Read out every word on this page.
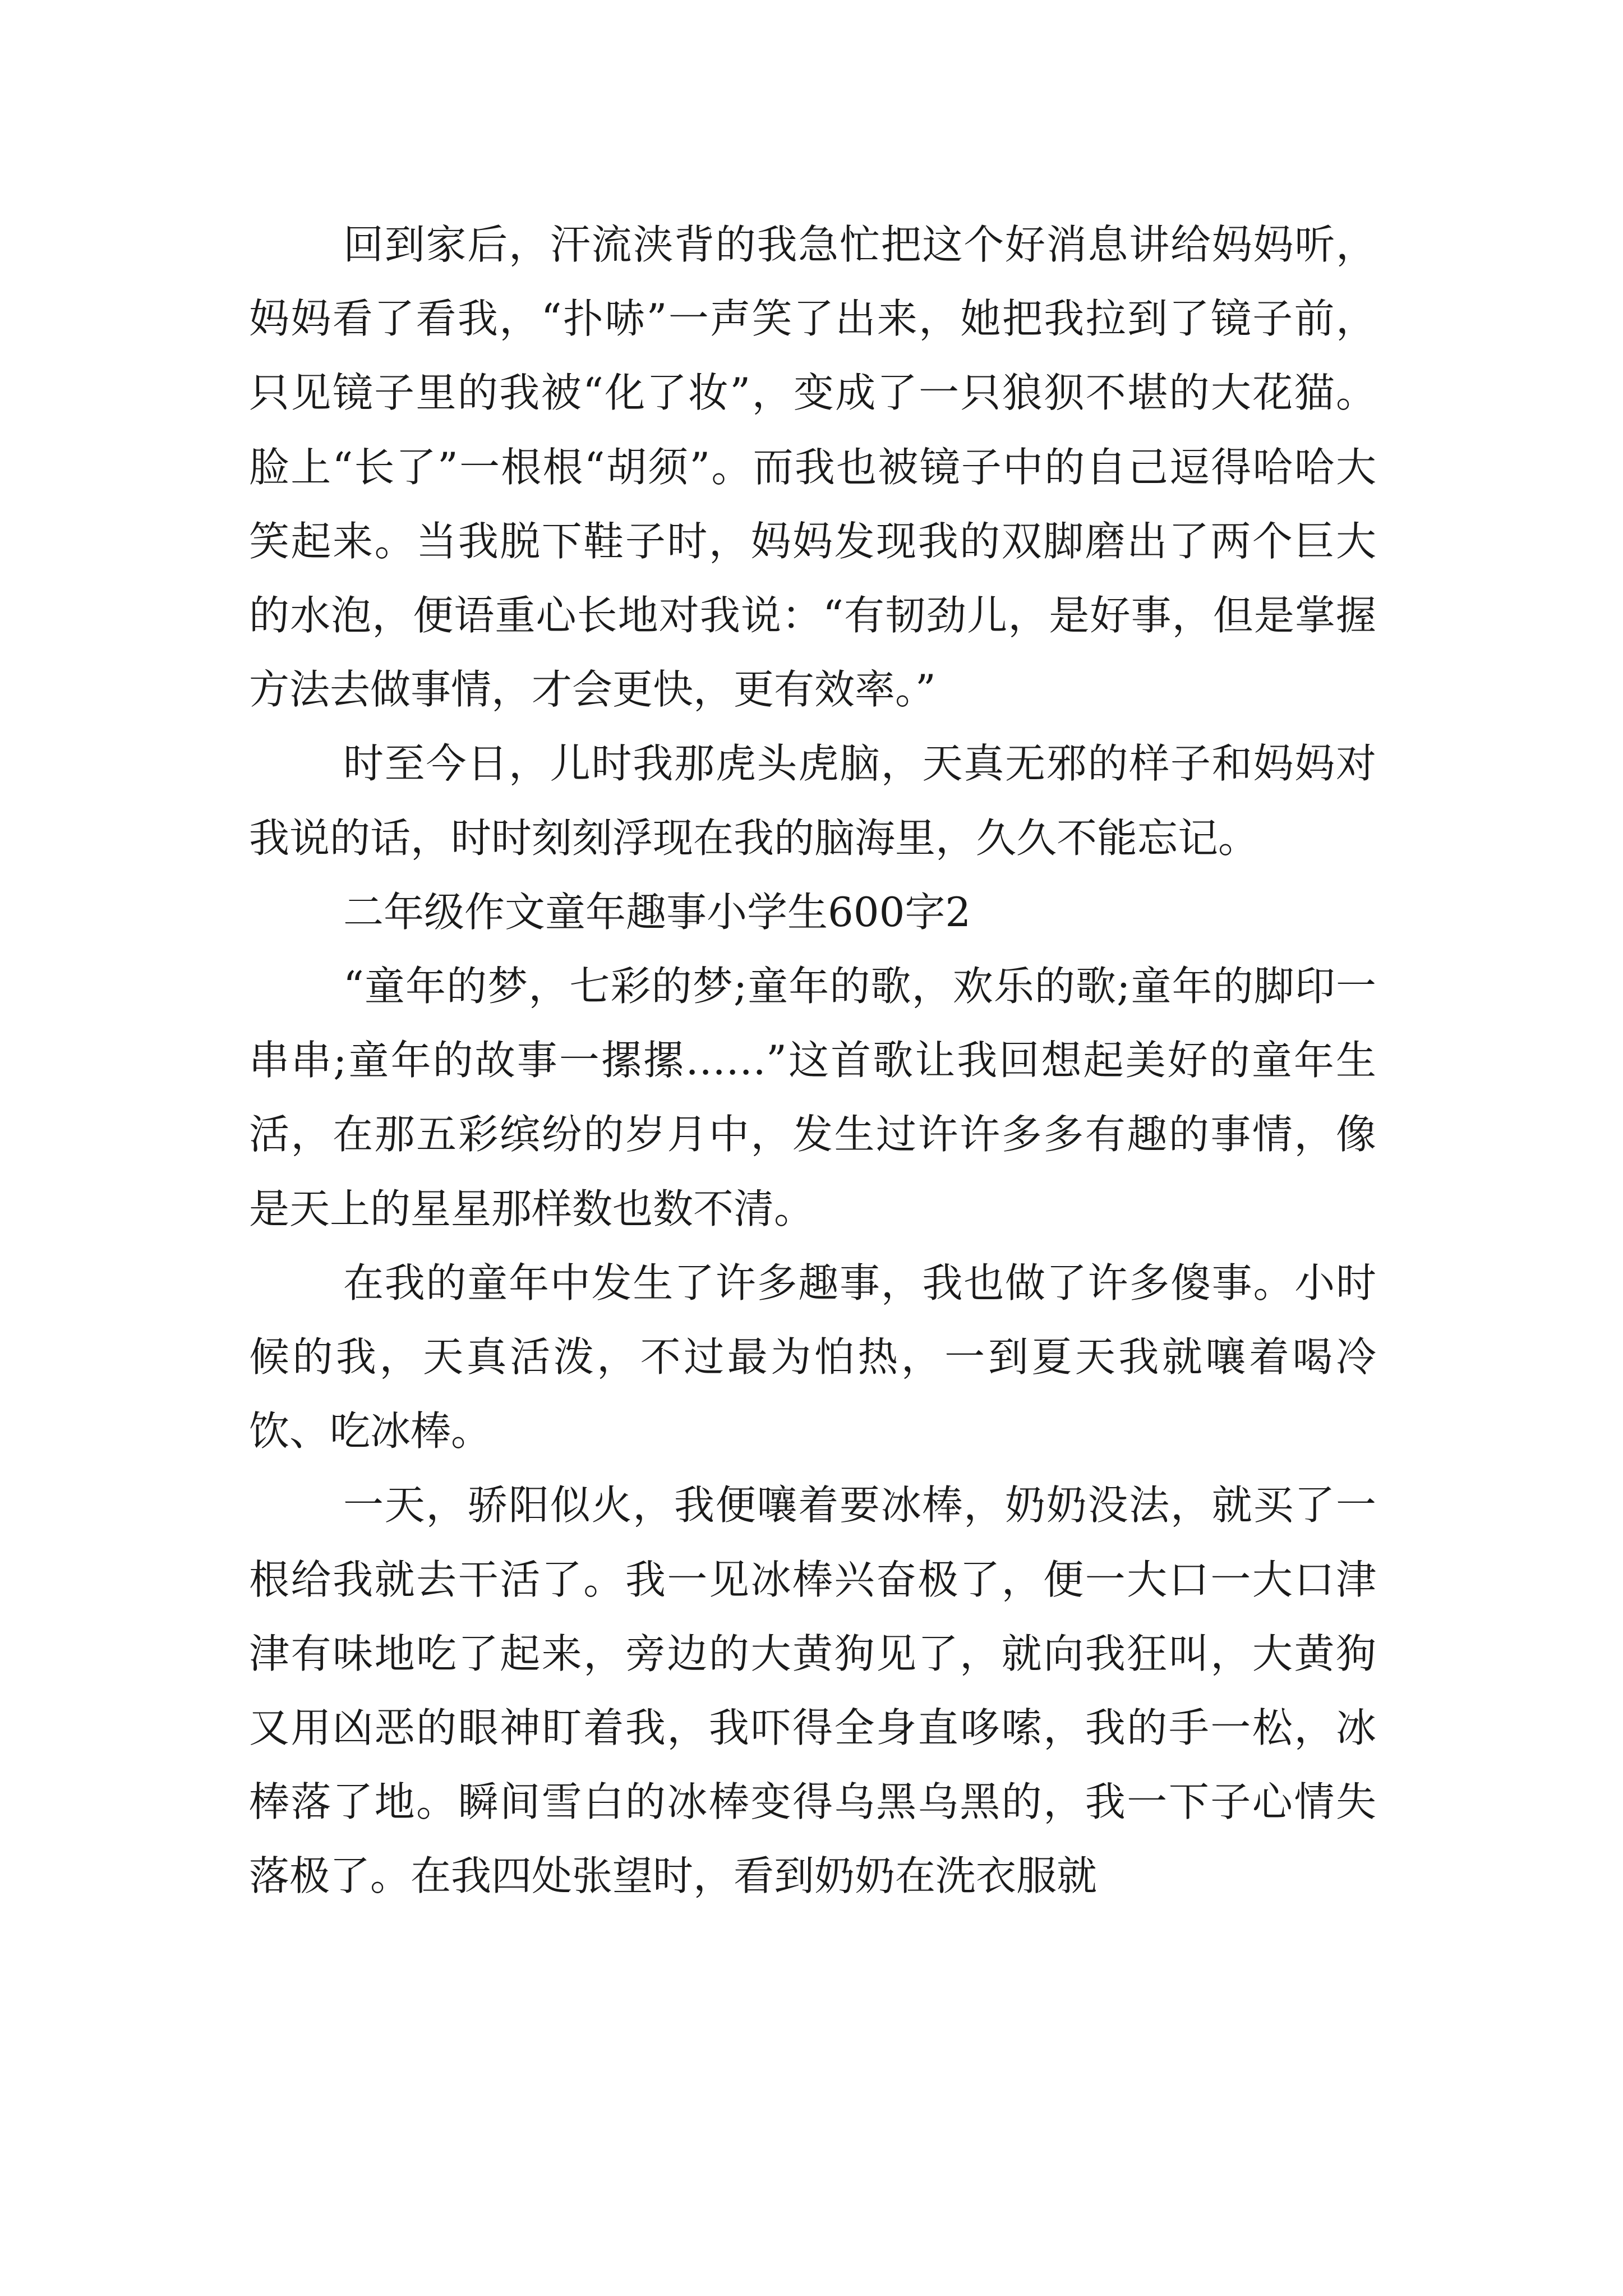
回到家后，汗流浃背的我急忙把这个好消息讲给妈妈听，妈妈看了看我，“扑哧”一声笑了出来，她把我拉到了镜子前，只见镜子里的我被“化了妆”，变成了一只狼狈不堪的大花猫。脸上“长了”一根根“胡须”。而我也被镜子中的自己逗得哈哈大笑起来。当我脱下鞋子时，妈妈发现我的双脚磨出了两个巨大的水泡，便语重心长地对我说：“有韧劲儿，是好事，但是掌握方法去做事情，才会更快，更有效率。”

时至今日，儿时我那虎头虎脑，天真无邪的样子和妈妈对我说的话，时时刻刻浮现在我的脑海里，久久不能忘记。

二年级作文童年趣事小学生600字2

“童年的梦，七彩的梦;童年的歌，欢乐的歌;童年的脚印一串串;童年的故事一摞摞……”这首歌让我回想起美好的童年生活，在那五彩缤纷的岁月中，发生过许许多多有趣的事情，像是天上的星星那样数也数不清。

在我的童年中发生了许多趣事，我也做了许多傻事。小时候的我，天真活泼，不过最为怕热，一到夏天我就嚷着喝冷饮、吃冰棒。

一天，骄阳似火，我便嚷着要冰棒，奶奶没法，就买了一根给我就去干活了。我一见冰棒兴奋极了，便一大口一大口津津有味地吃了起来，旁边的大黄狗见了，就向我狂叫，大黄狗又用凶恶的眼神盯着我，我吓得全身直哆嗦，我的手一松，冰棒落了地。瞬间雪白的冰棒变得乌黑乌黑的，我一下子心情失落极了。在我四处张望时，看到奶奶在洗衣服就
